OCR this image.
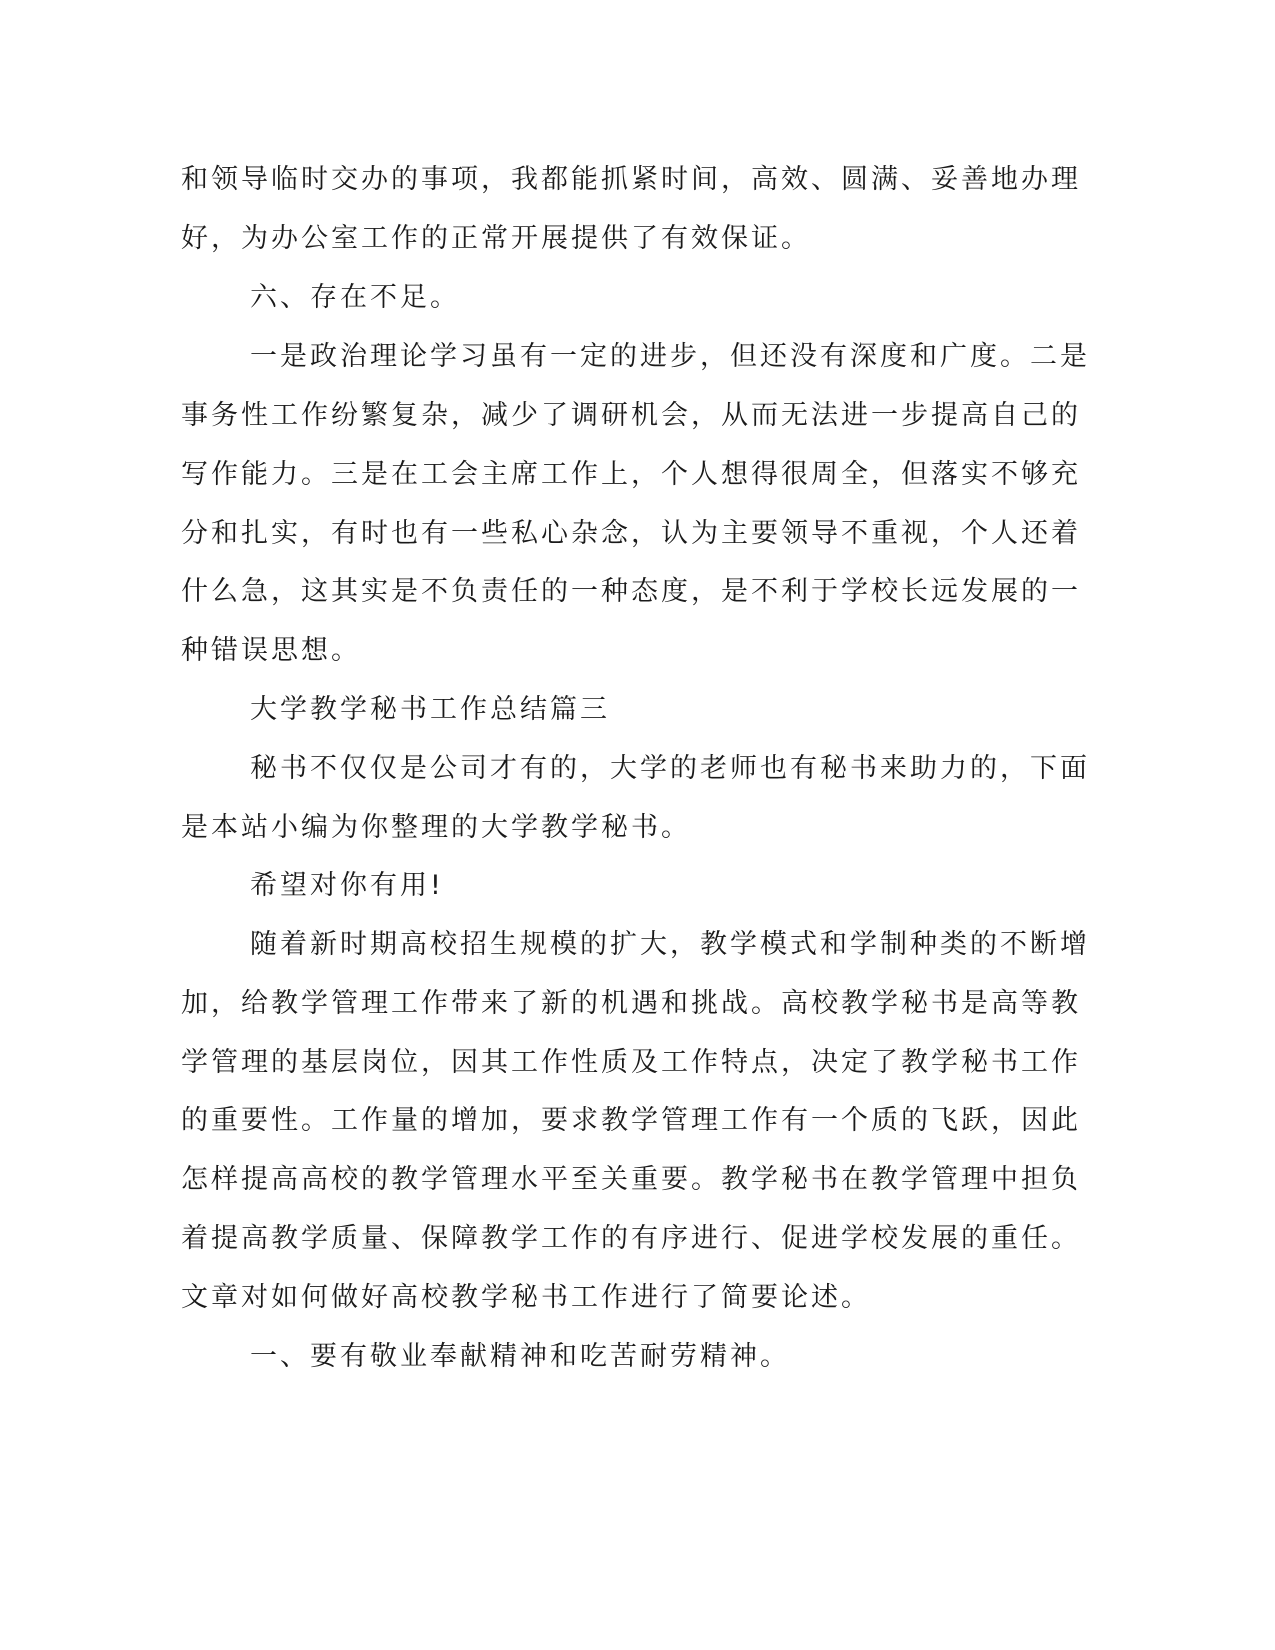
和领导临时交办的事项，我都能抓紧时间，高效、圆满、妥善地办理
好，为办公室工作的正常开展提供了有效保证。
六、存在不足。
一是政治理论学习虽有一定的进步，但还没有深度和广度。二是
事务性工作纷繁复杂，减少了调研机会，从而无法进一步提高自己的
写作能力。三是在工会主席工作上，个人想得很周全，但落实不够充
分和扎实，有时也有一些私心杂念，认为主要领导不重视，个人还着
什么急，这其实是不负责任的一种态度，是不利于学校长远发展的一
种错误思想。
大学教学秘书工作总结篇三
秘书不仅仅是公司才有的，大学的老师也有秘书来助力的，下面
是本站小编为你整理的大学教学秘书。
希望对你有用!
随着新时期高校招生规模的扩大，教学模式和学制种类的不断增
加，给教学管理工作带来了新的机遇和挑战。高校教学秘书是高等教
学管理的基层岗位，因其工作性质及工作特点，决定了教学秘书工作
的重要性。工作量的增加，要求教学管理工作有一个质的飞跃，因此
怎样提高高校的教学管理水平至关重要。教学秘书在教学管理中担负
着提高教学质量、保障教学工作的有序进行、促进学校发展的重任。
文章对如何做好高校教学秘书工作进行了简要论述。
一、要有敬业奉献精神和吃苦耐劳精神。
